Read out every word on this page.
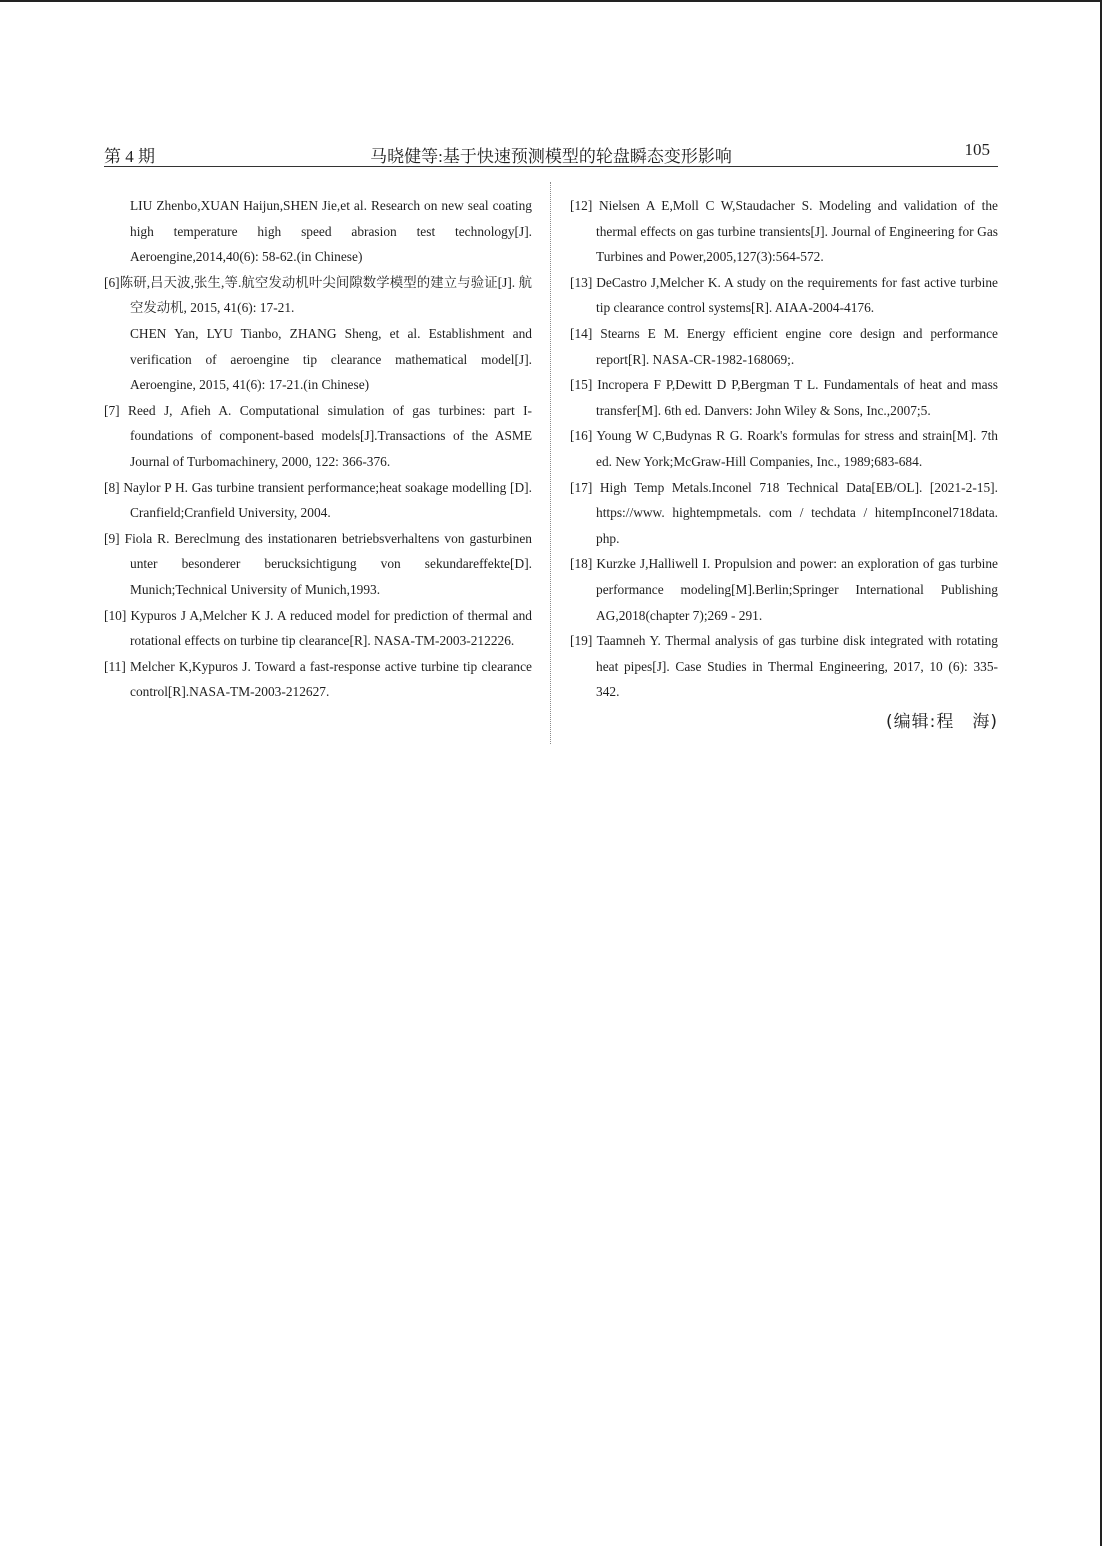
第 4 期	马晓健等:基于快速预测模型的轮盘瞬态变形影响	105

LIU Zhenbo,XUAN Haijun,SHEN Jie,et al. Research on new seal coating high temperature high speed abrasion test technology[J]. Aeroengine,2014,40(6): 58-62.(in Chinese)

[6]陈研,吕天波,张生,等.航空发动机叶尖间隙数学模型的建立与验证[J]. 航空发动机, 2015, 41(6): 17-21.

CHEN Yan, LYU Tianbo, ZHANG Sheng, et al. Establishment and verification of aeroengine tip clearance mathematical model[J]. Aeroengine, 2015, 41(6): 17-21.(in Chinese)

[7] Reed J, Afieh A. Computational simulation of gas turbines: part I-foundations of component-based models[J].Transactions of the ASME Journal of Turbomachinery, 2000, 122: 366-376.

[8] Naylor P H. Gas turbine transient performance;heat soakage modelling [D]. Cranfield;Cranfield University, 2004.

[9] Fiola R. Bereclmung des instationaren betriebsverhaltens von gasturbinen unter besonderer berucksichtigung von sekundareffekte[D]. Munich;Technical University of Munich,1993.

[10] Kypuros J A,Melcher K J. A reduced model for prediction of thermal and rotational effects on turbine tip clearance[R]. NASA-TM-2003-212226.

[11] Melcher K,Kypuros J. Toward a fast-response active turbine tip clearance control[R].NASA-TM-2003-212627.

[12] Nielsen A E,Moll C W,Staudacher S. Modeling and validation of the thermal effects on gas turbine transients[J]. Journal of Engineering for Gas Turbines and Power,2005,127(3):564-572.

[13] DeCastro J,Melcher K. A study on the requirements for fast active turbine tip clearance control systems[R]. AIAA-2004-4176.

[14] Stearns E M. Energy efficient engine core design and performance report[R]. NASA-CR-1982-168069;.

[15] Incropera F P,Dewitt D P,Bergman T L. Fundamentals of heat and mass transfer[M]. 6th ed. Danvers: John Wiley & Sons, Inc.,2007;5.

[16] Young W C,Budynas R G. Roark's formulas for stress and strain[M]. 7th ed. New York;McGraw-Hill Companies, Inc., 1989;683-684.

[17] High Temp Metals.Inconel 718 Technical Data[EB/OL]. [2021-2-15]. https://www. hightempmetals. com / techdata / hitempInconel718data. php.

[18] Kurzke J,Halliwell I. Propulsion and power: an exploration of gas turbine performance modeling[M].Berlin;Springer International Publishing AG,2018(chapter 7);269 - 291.

[19] Taamneh Y. Thermal analysis of gas turbine disk integrated with rotating heat pipes[J]. Case Studies in Thermal Engineering, 2017, 10 (6): 335-342.

(编辑:程　海)
